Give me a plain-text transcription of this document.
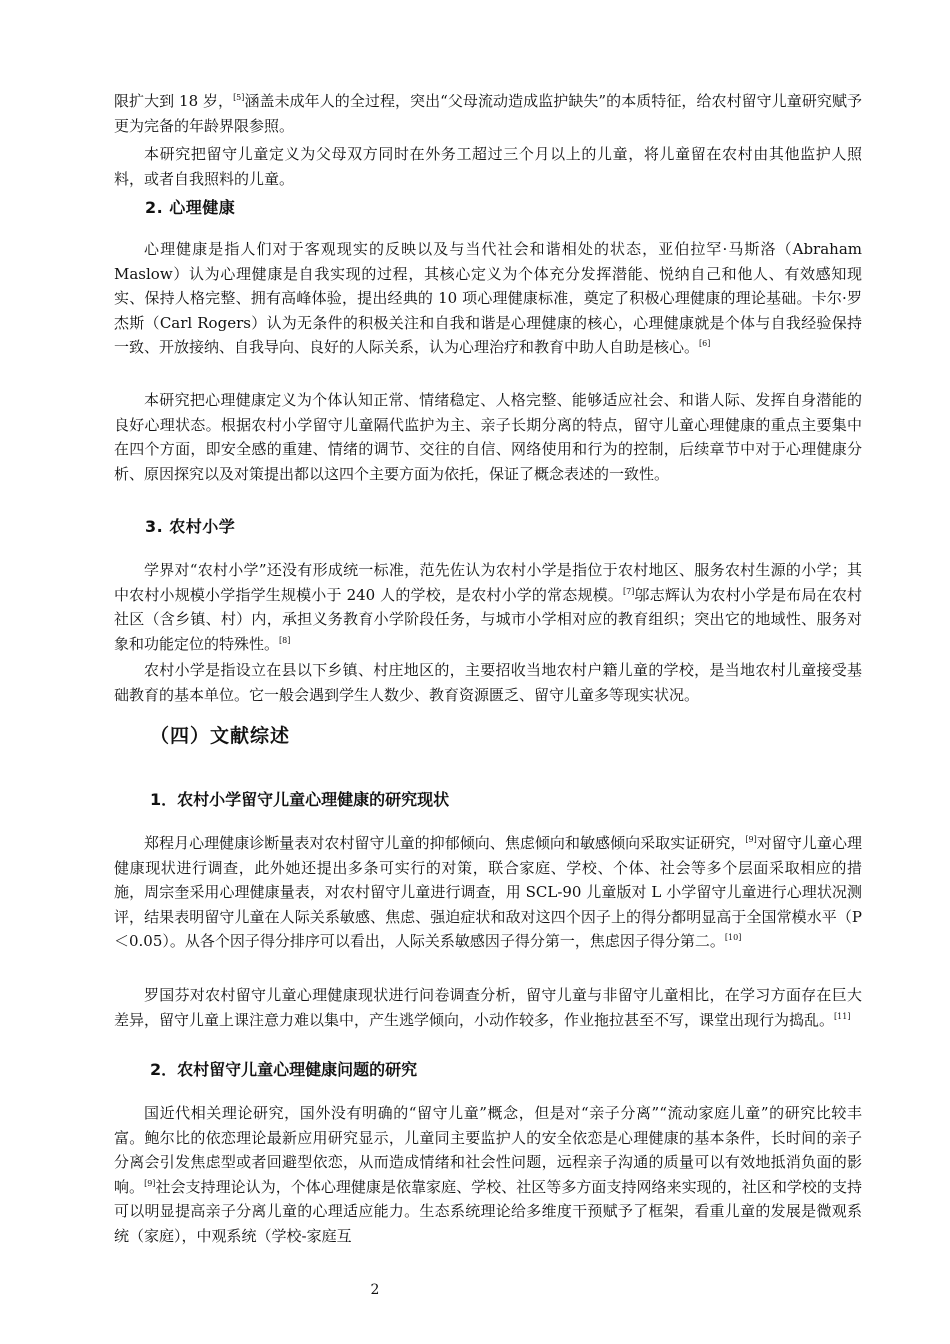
限扩大到 18 岁，[5]涵盖未成年人的全过程，突出“父母流动造成监护缺失”的本质特征，给农村留守儿童研究赋予更为完备的年龄界限参照。

本研究把留守儿童定义为父母双方同时在外务工超过三个月以上的儿童，将儿童留在农村由其他监护人照料，或者自我照料的儿童。

2. 心理健康

心理健康是指人们对于客观现实的反映以及与当代社会和谐相处的状态，亚伯拉罕·马斯洛（Abraham Maslow）认为心理健康是自我实现的过程，其核心定义为个体充分发挥潜能、悦纳自己和他人、有效感知现实、保持人格完整、拥有高峰体验，提出经典的 10 项心理健康标准，奠定了积极心理健康的理论基础。卡尔·罗杰斯（Carl Rogers）认为无条件的积极关注和自我和谐是心理健康的核心，心理健康就是个体与自我经验保持一致、开放接纳、自我导向、良好的人际关系，认为心理治疗和教育中助人自助是核心。[6]

本研究把心理健康定义为个体认知正常、情绪稳定、人格完整、能够适应社会、和谐人际、发挥自身潜能的良好心理状态。根据农村小学留守儿童隔代监护为主、亲子长期分离的特点，留守儿童心理健康的重点主要集中在四个方面，即安全感的重建、情绪的调节、交往的自信、网络使用和行为的控制，后续章节中对于心理健康分析、原因探究以及对策提出都以这四个主要方面为依托，保证了概念表述的一致性。

3. 农村小学

学界对“农村小学”还没有形成统一标准，范先佐认为农村小学是指位于农村地区、服务农村生源的小学；其中农村小规模小学指学生规模小于 240 人的学校，是农村小学的常态规模。[7]邬志辉认为农村小学是布局在农村社区（含乡镇、村）内，承担义务教育小学阶段任务，与城市小学相对应的教育组织；突出它的地域性、服务对象和功能定位的特殊性。[8]

农村小学是指设立在县以下乡镇、村庄地区的，主要招收当地农村户籍儿童的学校，是当地农村儿童接受基础教育的基本单位。它一般会遇到学生人数少、教育资源匮乏、留守儿童多等现实状况。

（四）文献综述
1．农村小学留守儿童心理健康的研究现状

郑程月心理健康诊断量表对农村留守儿童的抑郁倾向、焦虑倾向和敏感倾向采取实证研究，[9]对留守儿童心理健康现状进行调查，此外她还提出多条可实行的对策，联合家庭、学校、个体、社会等多个层面采取相应的措施，周宗奎采用心理健康量表，对农村留守儿童进行调查，用 SCL-90 儿童版对 L 小学留守儿童进行心理状况测评，结果表明留守儿童在人际关系敏感、焦虑、强迫症状和敌对这四个因子上的得分都明显高于全国常模水平（P＜0.05）。从各个因子得分排序可以看出，人际关系敏感因子得分第一，焦虑因子得分第二。[10]

罗国芬对农村留守儿童心理健康现状进行问卷调查分析，留守儿童与非留守儿童相比，在学习方面存在巨大差异，留守儿童上课注意力难以集中，产生逃学倾向，小动作较多，作业拖拉甚至不写，课堂出现行为捣乱。[11]

2．农村留守儿童心理健康问题的研究

国近代相关理论研究，国外没有明确的“留守儿童”概念，但是对“亲子分离”“流动家庭儿童”的研究比较丰富。鲍尔比的依恋理论最新应用研究显示，儿童同主要监护人的安全依恋是心理健康的基本条件，长时间的亲子分离会引发焦虑型或者回避型依恋，从而造成情绪和社会性问题，远程亲子沟通的质量可以有效地抵消负面的影响。[9]社会支持理论认为，个体心理健康是依靠家庭、学校、社区等多方面支持网络来实现的，社区和学校的支持可以明显提高亲子分离儿童的心理适应能力。生态系统理论给多维度干预赋予了框架，看重儿童的发展是微观系统（家庭），中观系统（学校-家庭互

2
